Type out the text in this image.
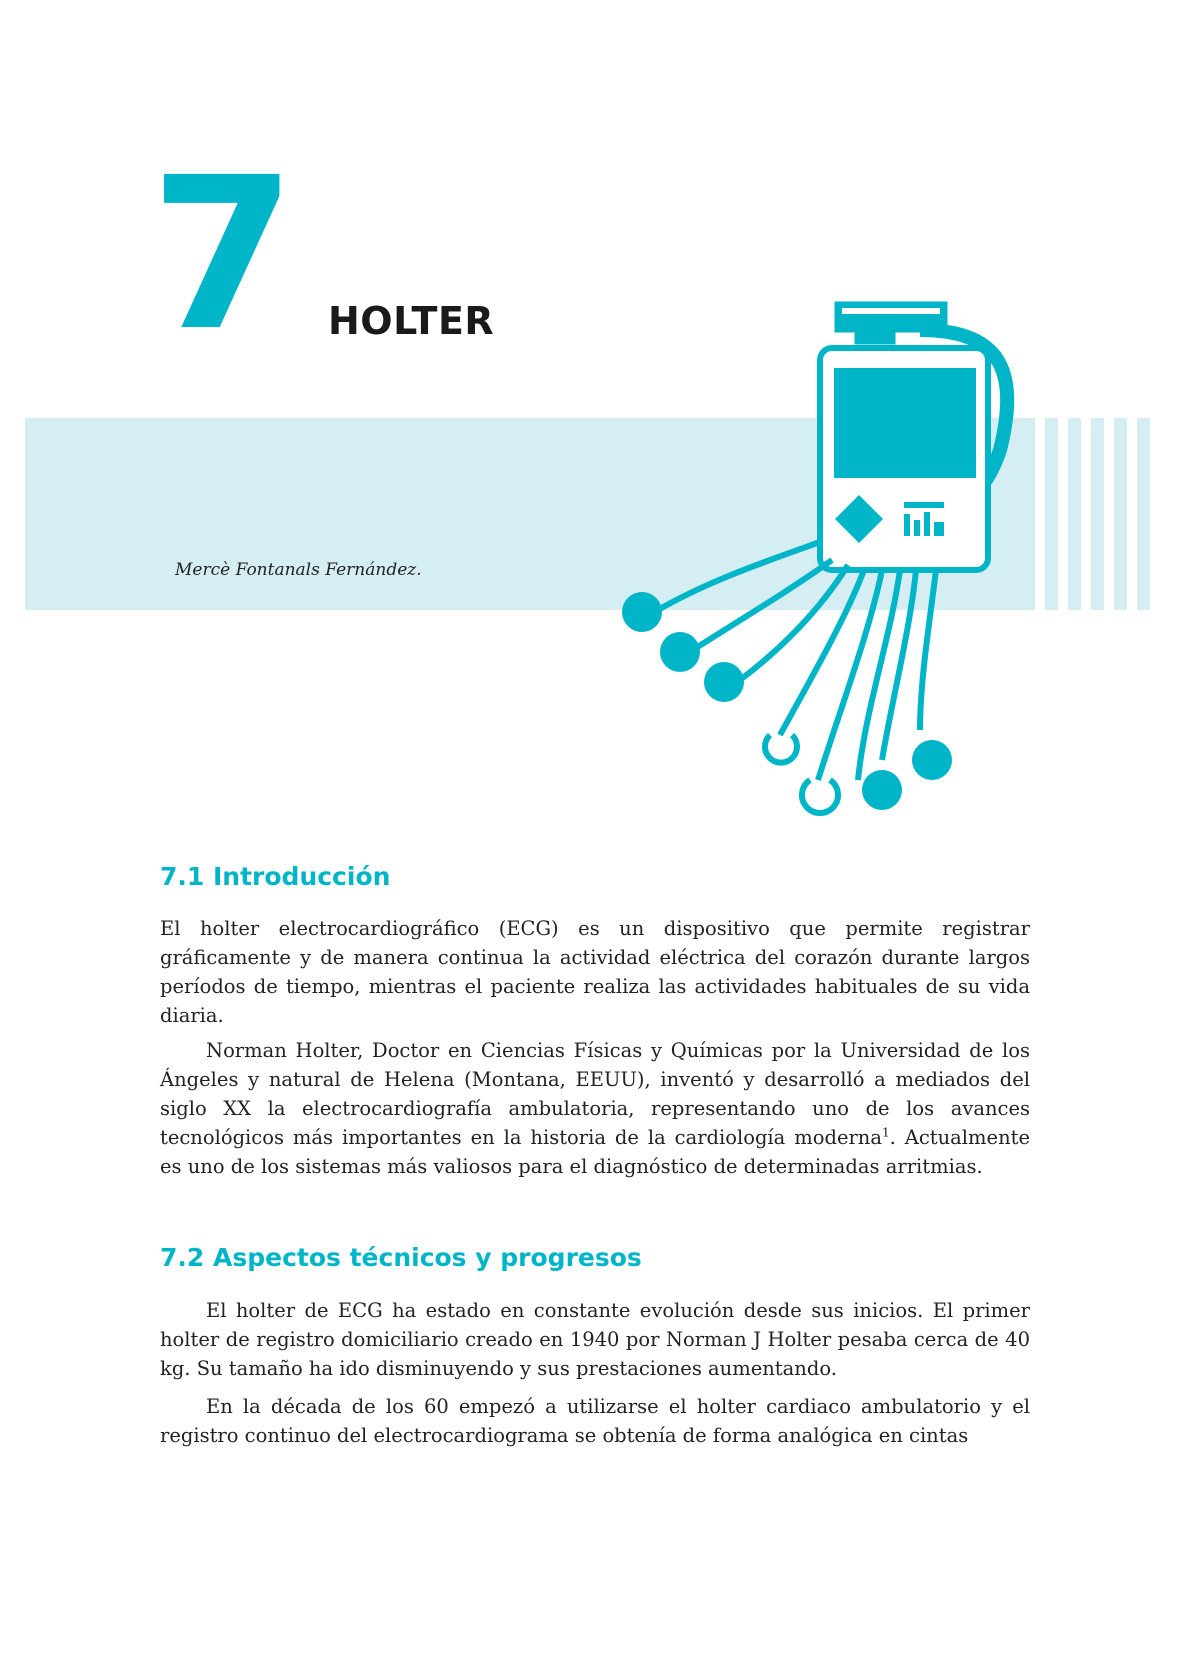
7 HOLTER
Mercè Fontanals Fernández.
7.1 Introducción

El holter electrocardiográfico (ECG) es un dispositivo que permite registrar gráficamente y de manera continua la actividad eléctrica del corazón durante largos períodos de tiempo, mientras el paciente realiza las actividades habituales de su vida diaria.

Norman Holter, Doctor en Ciencias Físicas y Químicas por la Universidad de los Ángeles y natural de Helena (Montana, EEUU), inventó y desarrolló a mediados del siglo XX la electrocardiografía ambulatoria, representando uno de los avances tecnológicos más importantes en la historia de la cardiología moderna$^1$. Actualmente es uno de los sistemas más valiosos para el diagnóstico de determinadas arritmias.

7.2 Aspectos técnicos y progresos

El holter de ECG ha estado en constante evolución desde sus inicios. El primer holter de registro domiciliario creado en 1940 por Norman J Holter pesaba cerca de 40 kg. Su tamaño ha ido disminuyendo y sus prestaciones aumentando.

En la década de los 60 empezó a utilizarse el holter cardiaco ambulatorio y el registro continuo del electrocardiograma se obtenía de forma analógica en cintas
